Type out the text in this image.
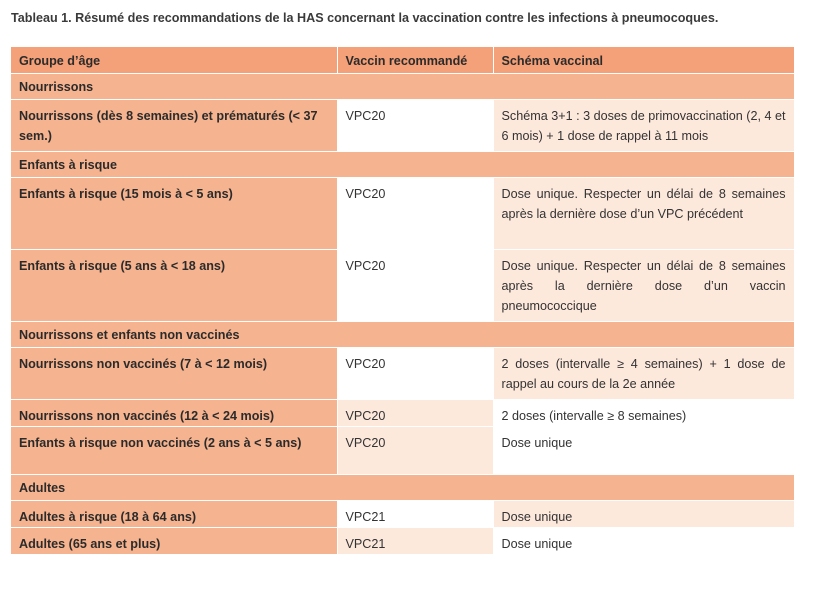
Tableau 1. Résumé des recommandations de la HAS concernant la vaccination contre les infections à pneumocoques.
Groupe d’âge	Vaccin recommandé	Schéma vaccinal
Nourrissons		
Nourrissons (dès 8 semaines) et prématurés (< 37 sem.)	VPC20	Schéma 3+1 : 3 doses de primovaccination (2, 4 et 6 mois) + 1 dose de rappel à 11 mois
Enfants à risque		
Enfants à risque (15 mois à < 5 ans)	VPC20	Dose unique. Respecter un délai de 8 semaines après la dernière dose d’un VPC précédent
Enfants à risque (5 ans à < 18 ans)	VPC20	Dose unique. Respecter un délai de 8 semaines après la dernière dose d’un vaccin pneumococcique
Nourrissons et enfants non vaccinés		
Nourrissons non vaccinés (7 à < 12 mois)	VPC20	2 doses (intervalle ≥ 4 semaines) + 1 dose de rappel au cours de la 2e année
Nourrissons non vaccinés (12 à < 24 mois)	VPC20	2 doses (intervalle ≥ 8 semaines)
Enfants à risque non vaccinés (2 ans à < 5 ans)	VPC20	Dose unique
Adultes		
Adultes à risque (18 à 64 ans)	VPC21	Dose unique
Adultes (65 ans et plus)	VPC21	Dose unique
